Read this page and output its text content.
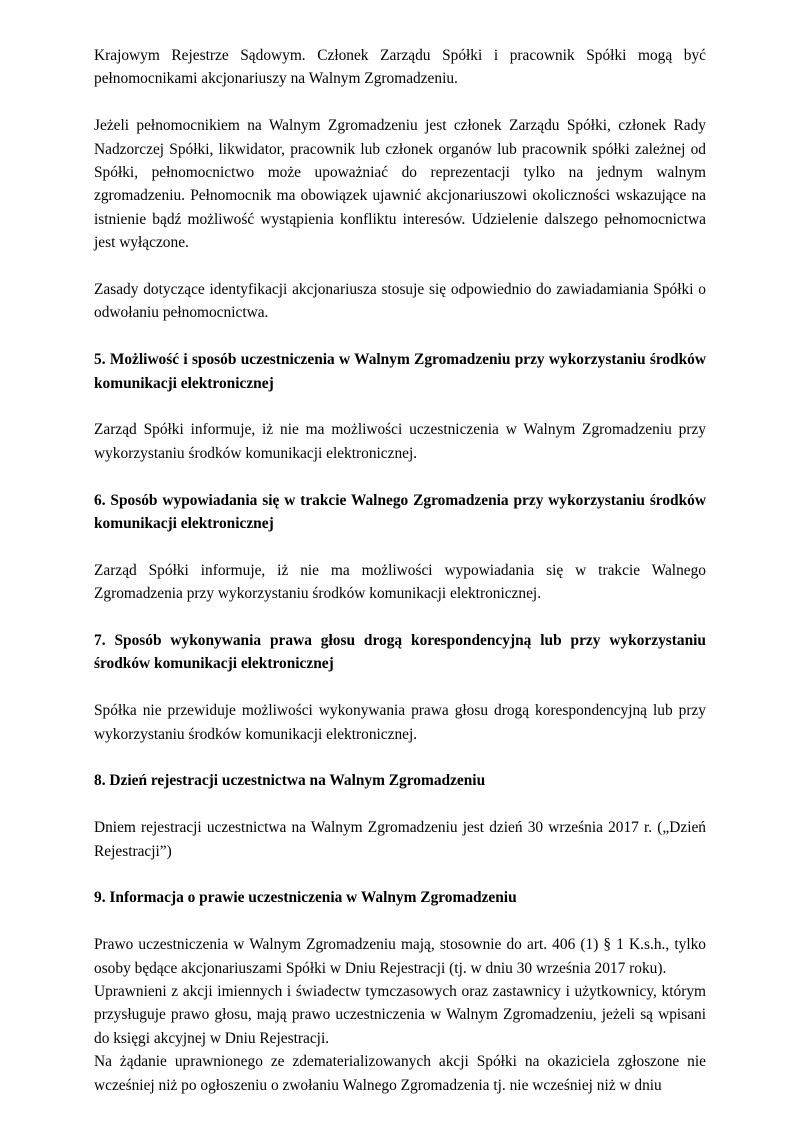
Krajowym Rejestrze Sądowym. Członek Zarządu Spółki i pracownik Spółki mogą być pełnomocnikami akcjonariuszy na Walnym Zgromadzeniu.

Jeżeli pełnomocnikiem na Walnym Zgromadzeniu jest członek Zarządu Spółki, członek Rady Nadzorczej Spółki, likwidator, pracownik lub członek organów lub pracownik spółki zależnej od Spółki, pełnomocnictwo może upoważniać do reprezentacji tylko na jednym walnym zgromadzeniu. Pełnomocnik ma obowiązek ujawnić akcjonariuszowi okoliczności wskazujące na istnienie bądź możliwość wystąpienia konfliktu interesów. Udzielenie dalszego pełnomocnictwa jest wyłączone.

Zasady dotyczące identyfikacji akcjonariusza stosuje się odpowiednio do zawiadamiania Spółki o odwołaniu pełnomocnictwa.

5. Możliwość i sposób uczestniczenia w Walnym Zgromadzeniu przy wykorzystaniu środków komunikacji elektronicznej

Zarząd Spółki informuje, iż nie ma możliwości uczestniczenia w Walnym Zgromadzeniu przy wykorzystaniu środków komunikacji elektronicznej.

6. Sposób wypowiadania się w trakcie Walnego Zgromadzenia przy wykorzystaniu środków komunikacji elektronicznej

Zarząd Spółki informuje, iż nie ma możliwości wypowiadania się w trakcie Walnego Zgromadzenia przy wykorzystaniu środków komunikacji elektronicznej.

7. Sposób wykonywania prawa głosu drogą korespondencyjną lub przy wykorzystaniu środków komunikacji elektronicznej

Spółka nie przewiduje możliwości wykonywania prawa głosu drogą korespondencyjną lub przy wykorzystaniu środków komunikacji elektronicznej.

8. Dzień rejestracji uczestnictwa na Walnym Zgromadzeniu

Dniem rejestracji uczestnictwa na Walnym Zgromadzeniu jest dzień 30 września 2017 r. („Dzień Rejestracji”)

9. Informacja o prawie uczestniczenia w Walnym Zgromadzeniu

Prawo uczestniczenia w Walnym Zgromadzeniu mają, stosownie do art. 406 (1) § 1 K.s.h., tylko osoby będące akcjonariuszami Spółki w Dniu Rejestracji (tj. w dniu 30 września 2017 roku).

Uprawnieni z akcji imiennych i świadectw tymczasowych oraz zastawnicy i użytkownicy, którym przysługuje prawo głosu, mają prawo uczestniczenia w Walnym Zgromadzeniu, jeżeli są wpisani do księgi akcyjnej w Dniu Rejestracji.

Na żądanie uprawnionego ze zdematerializowanych akcji Spółki na okaziciela zgłoszone nie wcześniej niż po ogłoszeniu o zwołaniu Walnego Zgromadzenia tj. nie wcześniej niż w dniu
